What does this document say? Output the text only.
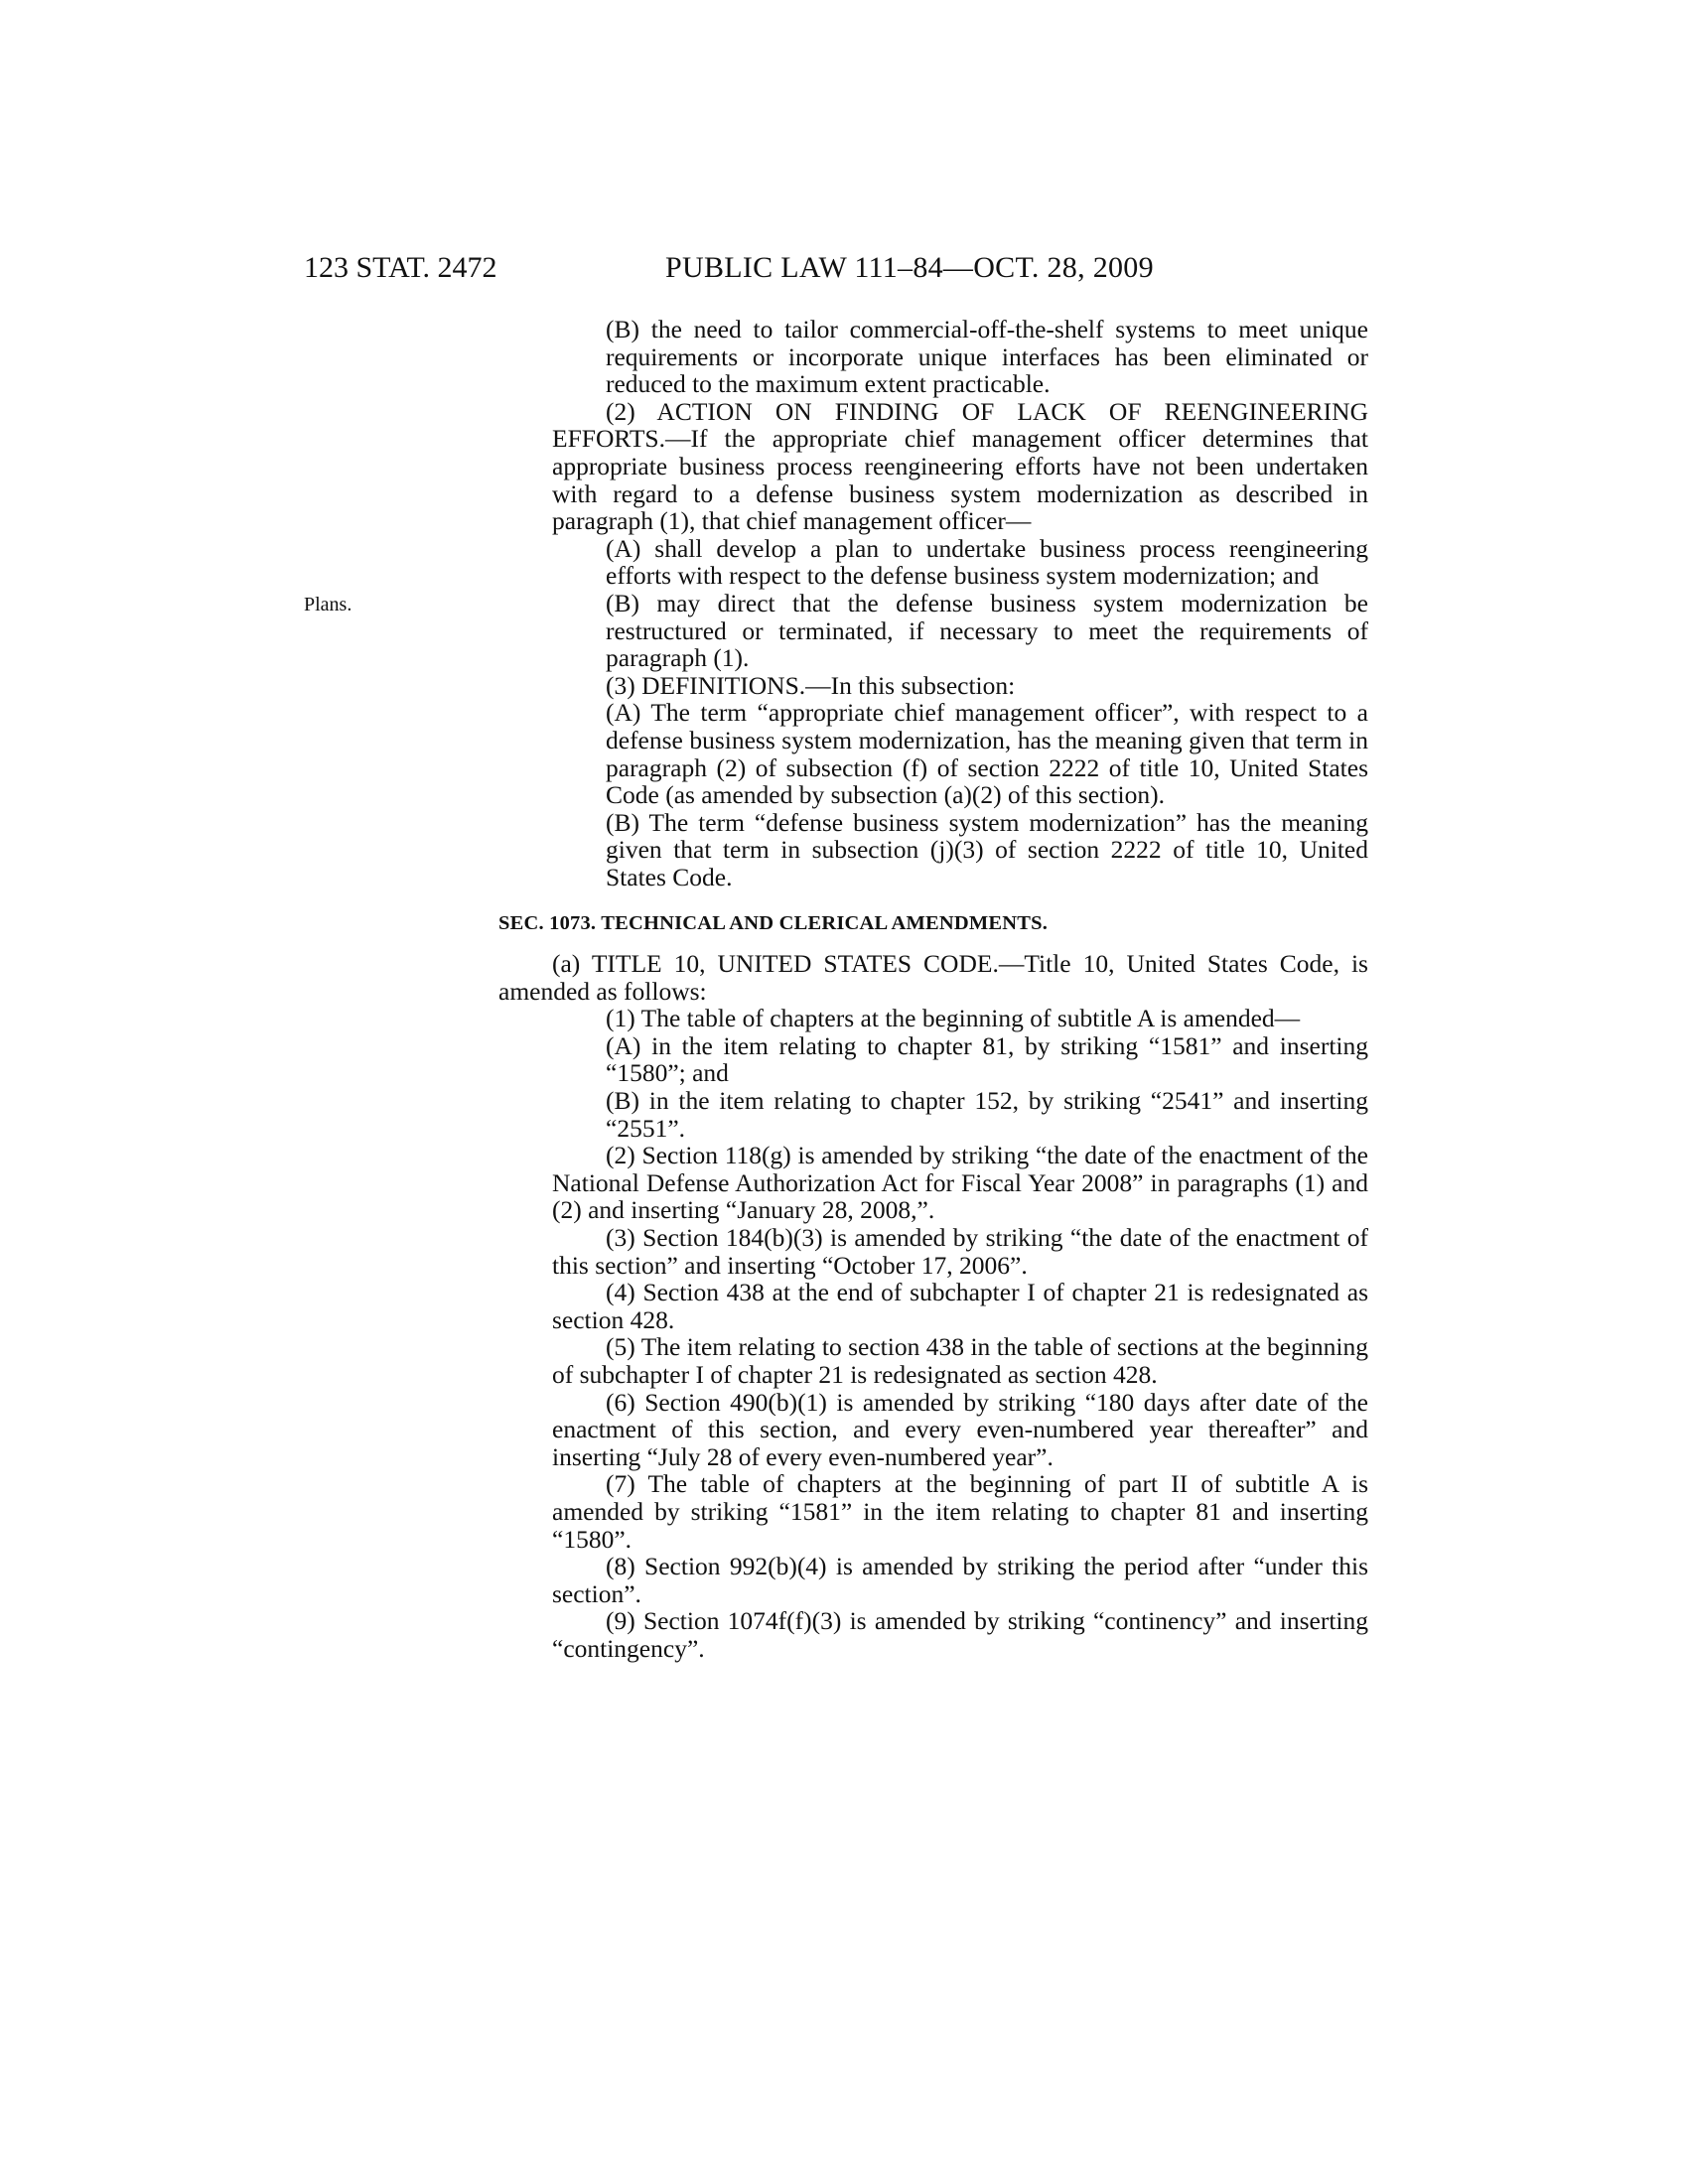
123 STAT. 2472	PUBLIC LAW 111–84—OCT. 28, 2009
Plans.

(B) the need to tailor commercial-off-the-shelf systems to meet unique requirements or incorporate unique interfaces has been eliminated or reduced to the maximum extent practicable.

(2) ACTION ON FINDING OF LACK OF REENGINEERING EFFORTS.—If the appropriate chief management officer determines that appropriate business process reengineering efforts have not been undertaken with regard to a defense business system modernization as described in paragraph (1), that chief management officer—

(A) shall develop a plan to undertake business process reengineering efforts with respect to the defense business system modernization; and

(B) may direct that the defense business system modernization be restructured or terminated, if necessary to meet the requirements of paragraph (1).

(3) DEFINITIONS.—In this subsection:

(A) The term “appropriate chief management officer”, with respect to a defense business system modernization, has the meaning given that term in paragraph (2) of subsection (f) of section 2222 of title 10, United States Code (as amended by subsection (a)(2) of this section).

(B) The term “defense business system modernization” has the meaning given that term in subsection (j)(3) of section 2222 of title 10, United States Code.

SEC. 1073. TECHNICAL AND CLERICAL AMENDMENTS.

(a) TITLE 10, UNITED STATES CODE.—Title 10, United States Code, is amended as follows:

(1) The table of chapters at the beginning of subtitle A is amended—

(A) in the item relating to chapter 81, by striking “1581” and inserting “1580”; and

(B) in the item relating to chapter 152, by striking “2541” and inserting “2551”.

(2) Section 118(g) is amended by striking “the date of the enactment of the National Defense Authorization Act for Fiscal Year 2008” in paragraphs (1) and (2) and inserting “January 28, 2008,”.

(3) Section 184(b)(3) is amended by striking “the date of the enactment of this section” and inserting “October 17, 2006”.

(4) Section 438 at the end of subchapter I of chapter 21 is redesignated as section 428.

(5) The item relating to section 438 in the table of sections at the beginning of subchapter I of chapter 21 is redesignated as section 428.

(6) Section 490(b)(1) is amended by striking “180 days after date of the enactment of this section, and every even-numbered year thereafter” and inserting “July 28 of every even-numbered year”.

(7) The table of chapters at the beginning of part II of subtitle A is amended by striking “1581” in the item relating to chapter 81 and inserting “1580”.

(8) Section 992(b)(4) is amended by striking the period after “under this section”.

(9) Section 1074f(f)(3) is amended by striking “continency” and inserting “contingency”.
